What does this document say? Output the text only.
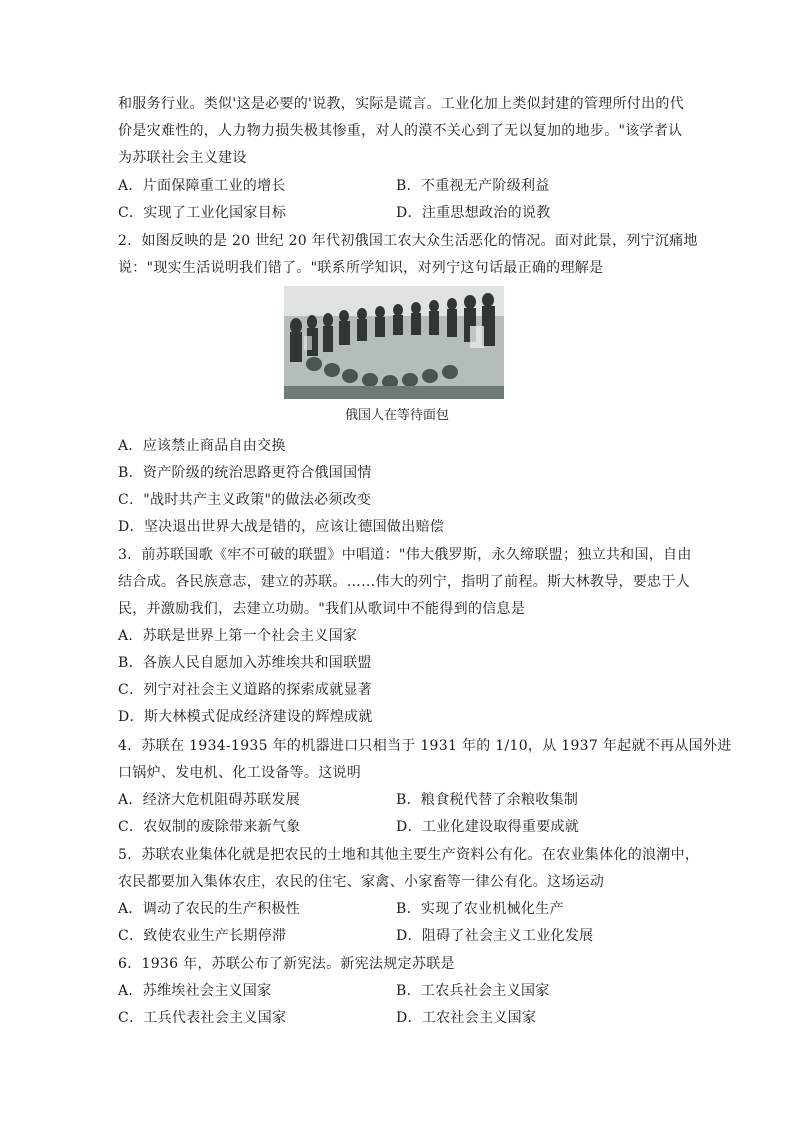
和服务行业。类似'这是必要的'说教，实际是谎言。工业化加上类似封建的管理所付出的代
价是灾难性的，人力物力损失极其惨重，对人的漠不关心到了无以复加的地步。"该学者认
为苏联社会主义建设
A．片面保障重工业的增长	B．不重视无产阶级利益
C．实现了工业化国家目标	D．注重思想政治的说教
2．如图反映的是 20 世纪 20 年代初俄国工农大众生活恶化的情况。面对此景，列宁沉痛地
说："现实生活说明我们错了。"联系所学知识，对列宁这句话最正确的理解是
俄国人在等待面包
A．应该禁止商品自由交换
B．资产阶级的统治思路更符合俄国国情
C．"战时共产主义政策"的做法必须改变
D．坚决退出世界大战是错的，应该让德国做出赔偿
3．前苏联国歌《牢不可破的联盟》中唱道："伟大俄罗斯，永久缔联盟；独立共和国，自由
结合成。各民族意志，建立的苏联。……伟大的列宁，指明了前程。斯大林教导，要忠于人
民，并激励我们，去建立功勋。"我们从歌词中不能得到的信息是
A．苏联是世界上第一个社会主义国家
B．各族人民自愿加入苏维埃共和国联盟
C．列宁对社会主义道路的探索成就显著
D．斯大林模式促成经济建设的辉煌成就
4．苏联在 1934-1935 年的机器进口只相当于 1931 年的 1/10，从 1937 年起就不再从国外进
口锅炉、发电机、化工设备等。这说明
A．经济大危机阻碍苏联发展	B．粮食税代替了余粮收集制
C．农奴制的废除带来新气象	D．工业化建设取得重要成就
5．苏联农业集体化就是把农民的土地和其他主要生产资料公有化。在农业集体化的浪潮中，
农民都要加入集体农庄，农民的住宅、家禽、小家畜等一律公有化。这场运动
A．调动了农民的生产积极性	B．实现了农业机械化生产
C．致使农业生产长期停滞	D．阻碍了社会主义工业化发展
6．1936 年，苏联公布了新宪法。新宪法规定苏联是
A．苏维埃社会主义国家	B．工农兵社会主义国家
C．工兵代表社会主义国家	D．工农社会主义国家
